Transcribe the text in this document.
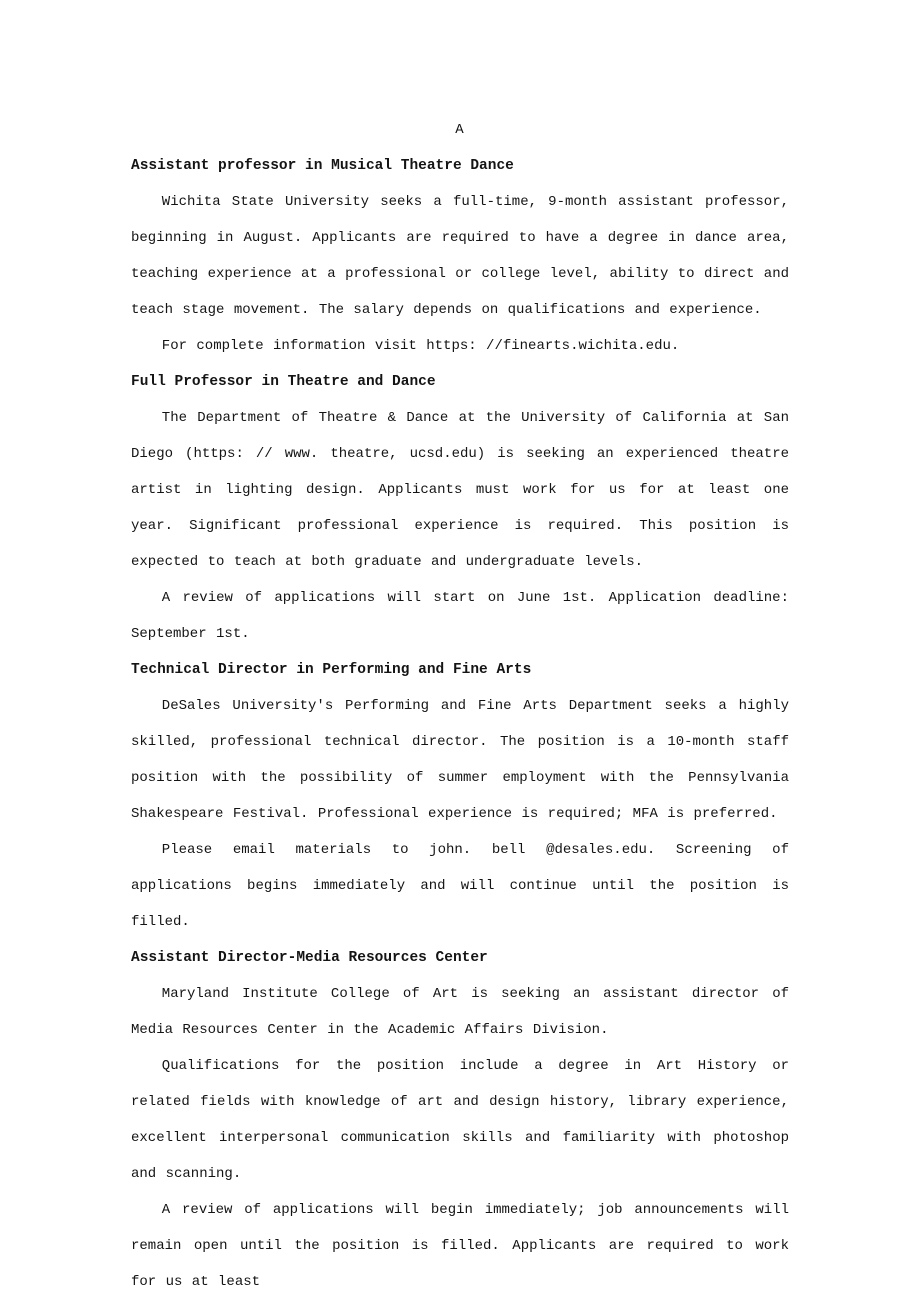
A
Assistant professor in Musical Theatre Dance

Wichita State University seeks a full-time, 9-month assistant professor, beginning in August. Applicants are required to have a degree in dance area, teaching experience at a professional or college level, ability to direct and teach stage movement. The salary depends on qualifications and experience.

For complete information visit https: //finearts.wichita.edu.

Full Professor in Theatre and Dance

The Department of Theatre & Dance at the University of California at San Diego (https: // www. theatre, ucsd.edu) is seeking an experienced theatre artist in lighting design. Applicants must work for us for at least one year. Significant professional experience is required. This position is expected to teach at both graduate and undergraduate levels.

A review of applications will start on June 1st. Application deadline: September 1st.

Technical Director in Performing and Fine Arts

DeSales University's Performing and Fine Arts Department seeks a highly skilled, professional technical director. The position is a 10-month staff position with the possibility of summer employment with the Pennsylvania Shakespeare Festival. Professional experience is required; MFA is preferred.

Please email materials to john. bell @desales.edu. Screening of applications begins immediately and will continue until the position is filled.

Assistant Director-Media Resources Center

Maryland Institute College of Art is seeking an assistant director of Media Resources Center in the Academic Affairs Division.

Qualifications for the position include a degree in Art History or related fields with knowledge of art and design history, library experience, excellent interpersonal communication skills and familiarity with photoshop and scanning.

A review of applications will begin immediately; job announcements will remain open until the position is filled. Applicants are required to work for us at least
